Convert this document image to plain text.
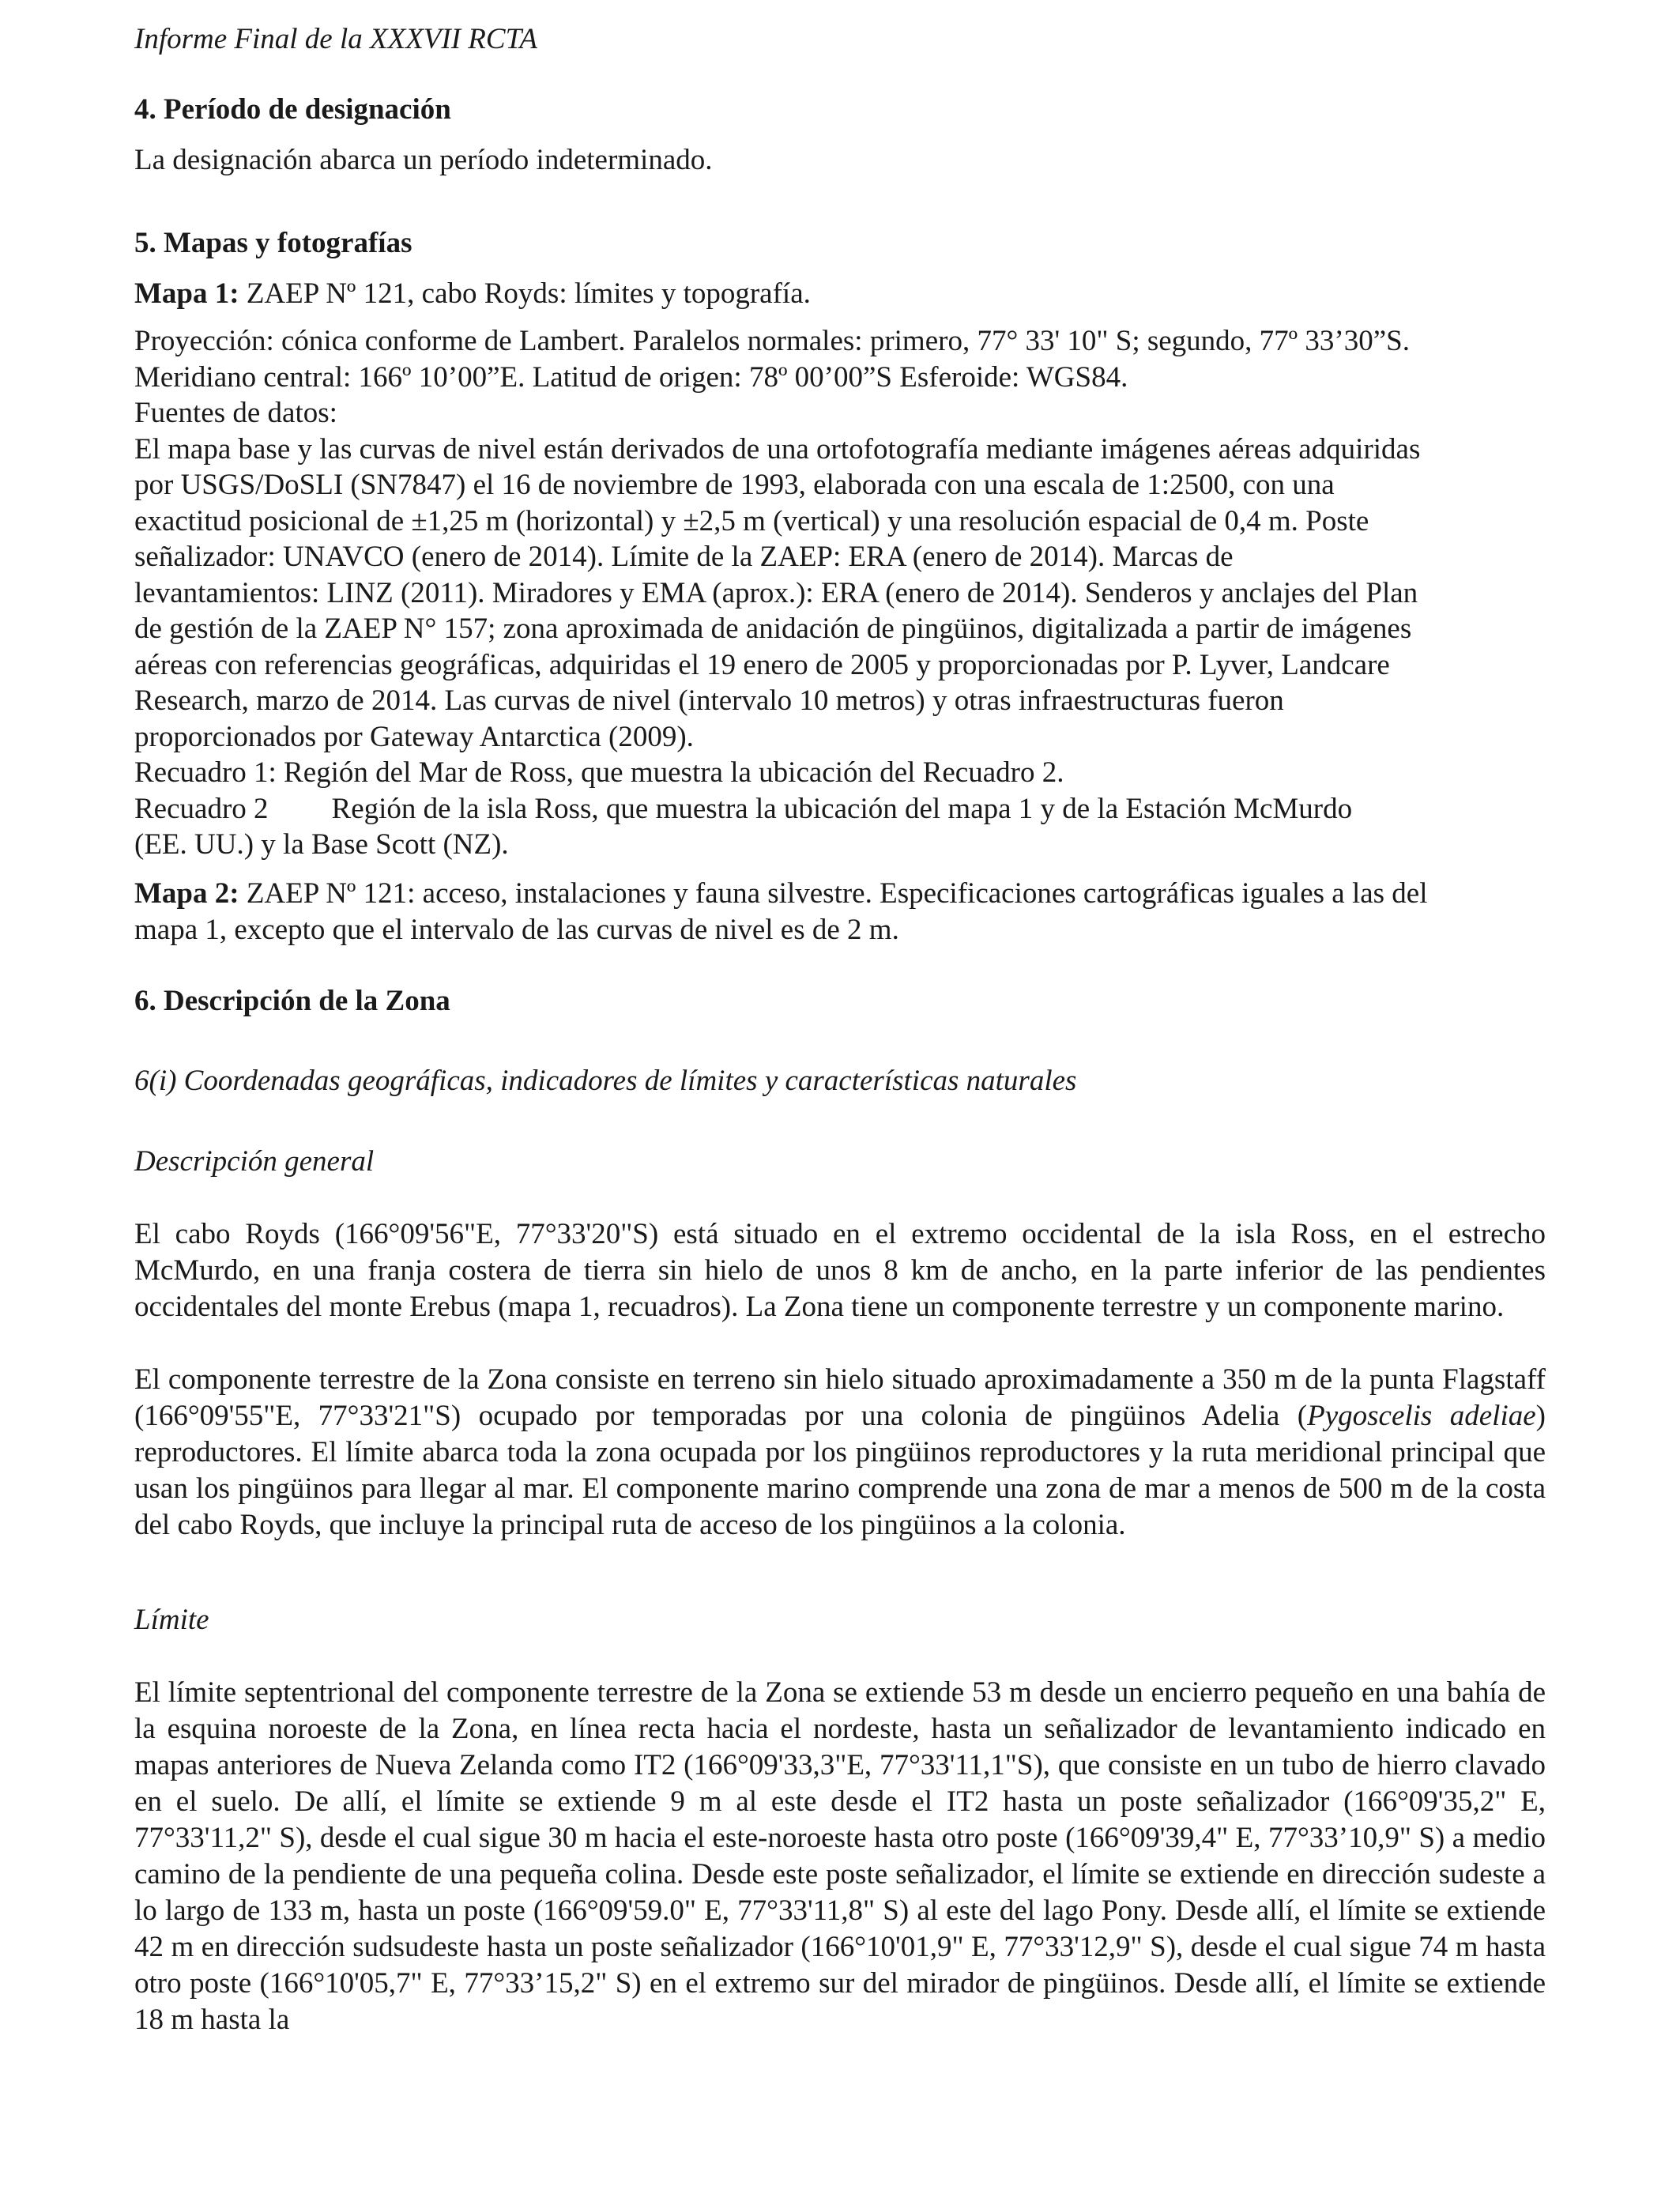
Informe Final de la XXXVII RCTA
4. Período de designación

La designación abarca un período indeterminado.

5. Mapas y fotografías

Mapa 1: ZAEP Nº 121, cabo Royds: límites y topografía.

Proyección: cónica conforme de Lambert. Paralelos normales: primero, 77° 33' 10" S; segundo, 77º 33’30”S.
Meridiano central: 166º 10’00”E. Latitud de origen: 78º 00’00”S Esferoide: WGS84.
Fuentes de datos:
El mapa base y las curvas de nivel están derivados de una ortofotografía mediante imágenes aéreas adquiridas
por USGS/DoSLI (SN7847) el 16 de noviembre de 1993, elaborada con una escala de 1:2500, con una
exactitud posicional de ±1,25 m (horizontal) y ±2,5 m (vertical) y una resolución espacial de 0,4 m. Poste
señalizador: UNAVCO (enero de 2014). Límite de la ZAEP: ERA (enero de 2014). Marcas de
levantamientos: LINZ (2011). Miradores y EMA (aprox.): ERA (enero de 2014). Senderos y anclajes del Plan
de gestión de la ZAEP N° 157; zona aproximada de anidación de pingüinos, digitalizada a partir de imágenes
aéreas con referencias geográficas, adquiridas el 19 enero de 2005 y proporcionadas por P. Lyver, Landcare
Research, marzo de 2014. Las curvas de nivel (intervalo 10 metros) y otras infraestructuras fueron
proporcionados por Gateway Antarctica (2009).
Recuadro 1: Región del Mar de Ross, que muestra la ubicación del Recuadro 2.
Recuadro 2 Región de la isla Ross, que muestra la ubicación del mapa 1 y de la Estación McMurdo
(EE. UU.) y la Base Scott (NZ).
Mapa 2: ZAEP Nº 121: acceso, instalaciones y fauna silvestre. Especificaciones cartográficas iguales a las del
mapa 1, excepto que el intervalo de las curvas de nivel es de 2 m.
6. Descripción de la Zona
6(i) Coordenadas geográficas, indicadores de límites y características naturales
Descripción general

El cabo Royds (166°09'56"E, 77°33'20"S) está situado en el extremo occidental de la isla Ross, en el estrecho McMurdo, en una franja costera de tierra sin hielo de unos 8 km de ancho, en la parte inferior de las pendientes occidentales del monte Erebus (mapa 1, recuadros). La Zona tiene un componente terrestre y un componente marino.

El componente terrestre de la Zona consiste en terreno sin hielo situado aproximadamente a 350 m de la punta Flagstaff (166°09'55"E, 77°33'21"S) ocupado por temporadas por una colonia de pingüinos Adelia (Pygoscelis adeliae) reproductores. El límite abarca toda la zona ocupada por los pingüinos reproductores y la ruta meridional principal que usan los pingüinos para llegar al mar. El componente marino comprende una zona de mar a menos de 500 m de la costa del cabo Royds, que incluye la principal ruta de acceso de los pingüinos a la colonia.

Límite

El límite septentrional del componente terrestre de la Zona se extiende 53 m desde un encierro pequeño en una bahía de la esquina noroeste de la Zona, en línea recta hacia el nordeste, hasta un señalizador de levantamiento indicado en mapas anteriores de Nueva Zelanda como IT2 (166°09'33,3"E, 77°33'11,1"S), que consiste en un tubo de hierro clavado en el suelo. De allí, el límite se extiende 9 m al este desde el IT2 hasta un poste señalizador (166°09'35,2" E, 77°33'11,2" S), desde el cual sigue 30 m hacia el este-noroeste hasta otro poste (166°09'39,4" E, 77°33’10,9" S) a medio camino de la pendiente de una pequeña colina. Desde este poste señalizador, el límite se extiende en dirección sudeste a lo largo de 133 m, hasta un poste (166°09'59.0" E, 77°33'11,8" S) al este del lago Pony. Desde allí, el límite se extiende 42 m en dirección sudsudeste hasta un poste señalizador (166°10'01,9" E, 77°33'12,9" S), desde el cual sigue 74 m hasta otro poste (166°10'05,7" E, 77°33’15,2" S) en el extremo sur del mirador de pingüinos. Desde allí, el límite se extiende 18 m hasta la
